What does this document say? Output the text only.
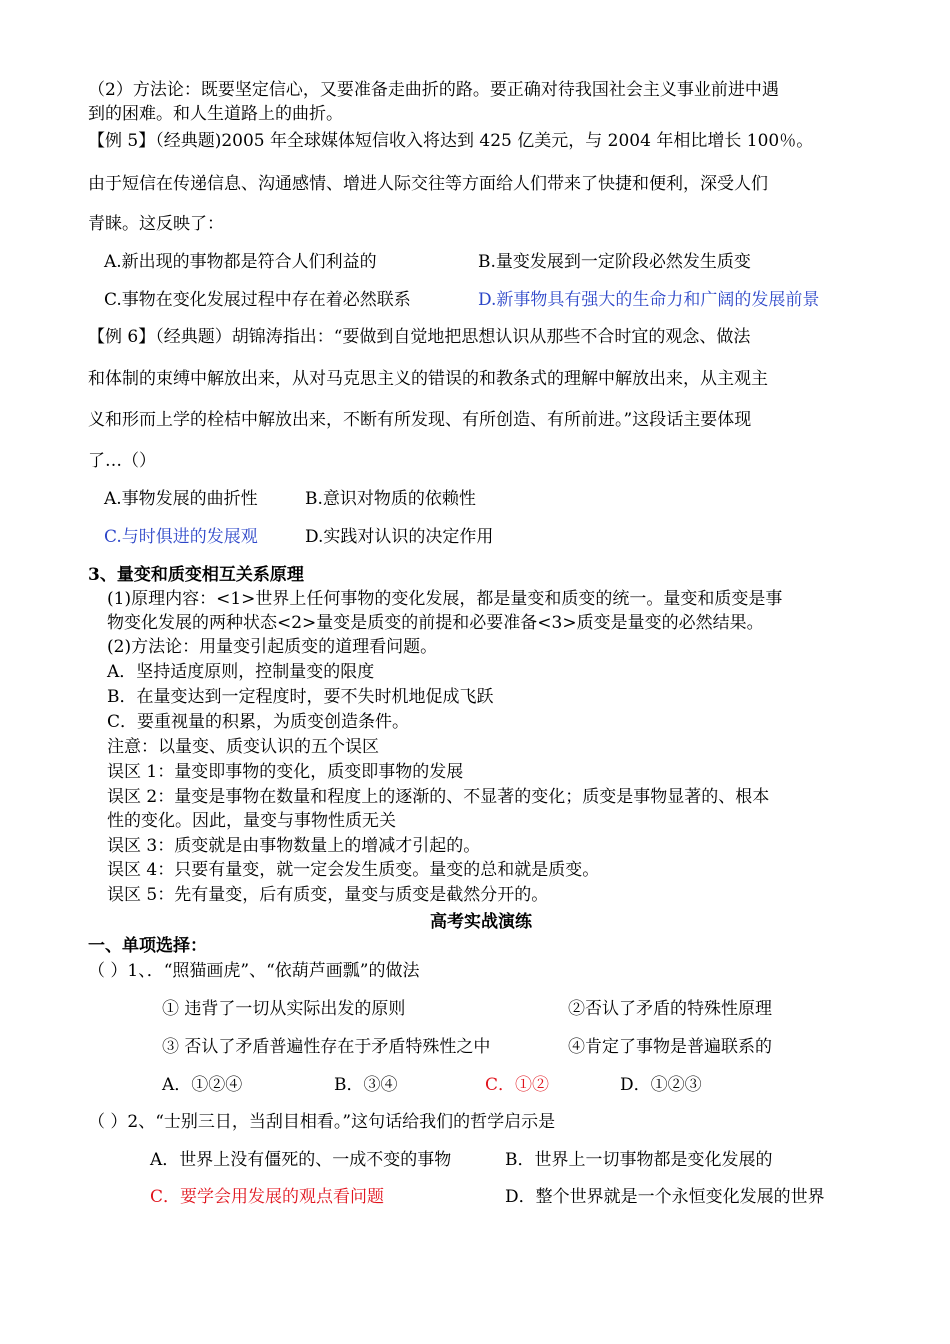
（2）方法论：既要坚定信心，又要准备走曲折的路。要正确对待我国社会主义事业前进中遇
到的困难。和人生道路上的曲折。
【例 5】（经典题)2005 年全球媒体短信收入将达到 425 亿美元，与 2004 年相比增长 100％。
由于短信在传递信息、沟通感情、增进人际交往等方面给人们带来了快捷和便利，深受人们
青睐。这反映了：
A.新出现的事物都是符合人们利益的	B.量变发展到一定阶段必然发生质变
C.事物在变化发展过程中存在着必然联系	D.新事物具有强大的生命力和广阔的发展前景
【例 6】（经典题）胡锦涛指出：“要做到自觉地把思想认识从那些不合时宜的观念、做法
和体制的束缚中解放出来，从对马克思主义的错误的和教条式的理解中解放出来，从主观主
义和形而上学的栓桔中解放出来，不断有所发现、有所创造、有所前进。”这段话主要体现
了…（）
A.事物发展的曲折性	B.意识对物质的依赖性
C.与时俱进的发展观	D.实践对认识的决定作用
3、量变和质变相互关系原理
(1)原理内容：<1>世界上任何事物的变化发展，都是量变和质变的统一。量变和质变是事
物变化发展的两种状态<2>量变是质变的前提和必要准备<3>质变是量变的必然结果。
(2)方法论：用量变引起质变的道理看问题。
A．坚持适度原则，控制量变的限度
B．在量变达到一定程度时，要不失时机地促成飞跃
C．要重视量的积累，为质变创造条件。
注意：以量变、质变认识的五个误区
误区 1：量变即事物的变化，质变即事物的发展
误区 2：量变是事物在数量和程度上的逐渐的、不显著的变化；质变是事物显著的、根本
性的变化。因此，量变与事物性质无关
误区 3：质变就是由事物数量上的增减才引起的。
误区 4：只要有量变，就一定会发生质变。量变的总和就是质变。
误区 5：先有量变，后有质变，量变与质变是截然分开的。
高考实战演练
一、单项选择：
（ ）1、．“照猫画虎”、“依葫芦画瓢”的做法
① 违背了一切从实际出发的原则	②否认了矛盾的特殊性原理
③ 否认了矛盾普遍性存在于矛盾特殊性之中	④肯定了事物是普遍联系的
A．①②④	B．③④	C．①②	D．①②③
（ ）2、“士别三日，当刮目相看。”这句话给我们的哲学启示是
A．世界上没有僵死的、一成不变的事物	B．世界上一切事物都是变化发展的
C．要学会用发展的观点看问题	D．整个世界就是一个永恒变化发展的世界
